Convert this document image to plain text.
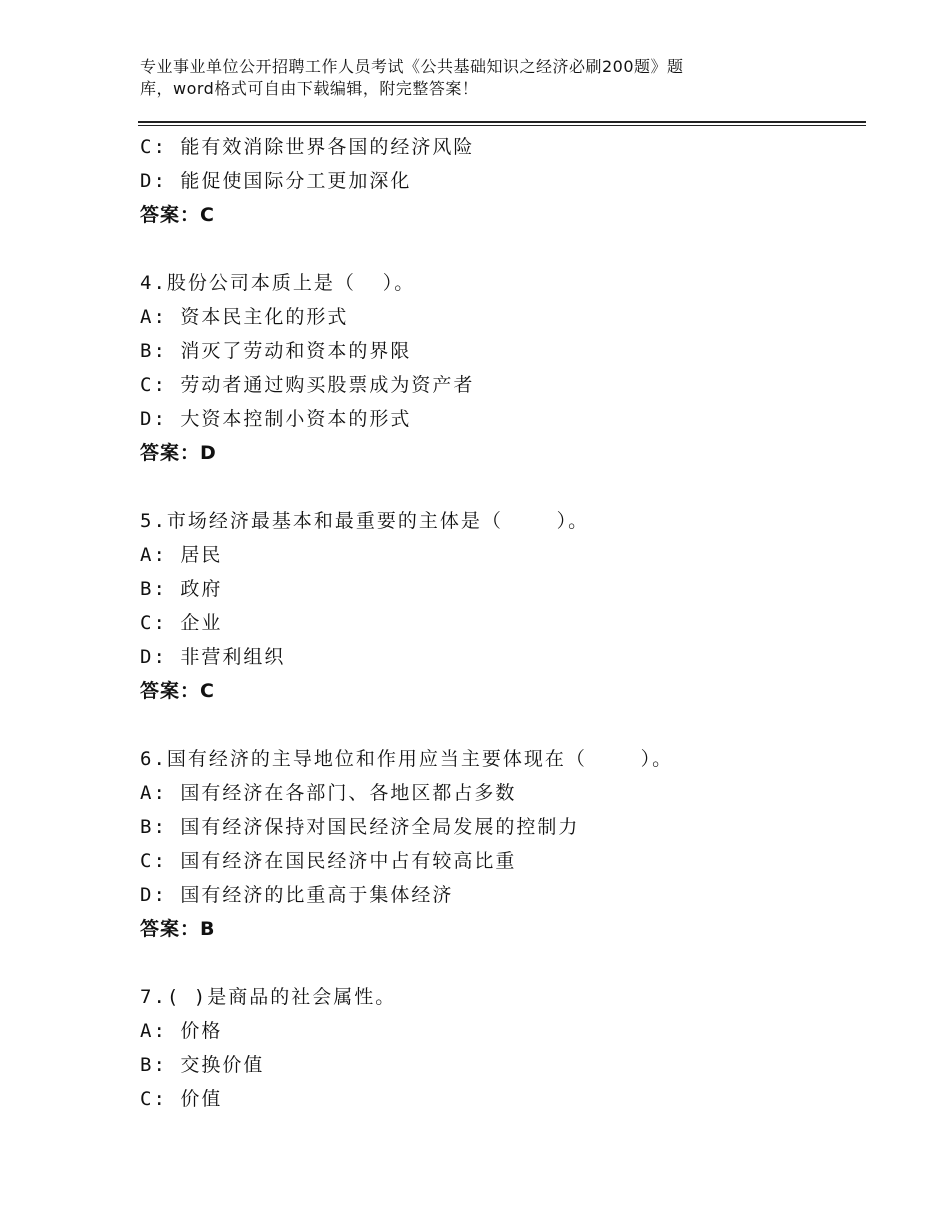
专业事业单位公开招聘工作人员考试《公共基础知识之经济必刷200题》题
库，word格式可自由下载编辑，附完整答案！
C: 能有效消除世界各国的经济风险
D: 能促使国际分工更加深化
答案：C
4.股份公司本质上是（  ）。
A: 资本民主化的形式
B: 消灭了劳动和资本的界限
C: 劳动者通过购买股票成为资产者
D: 大资本控制小资本的形式
答案：D
5.市场经济最基本和最重要的主体是（    ）。
A: 居民
B: 政府
C: 企业
D: 非营利组织
答案：C
6.国有经济的主导地位和作用应当主要体现在（    ）。
A: 国有经济在各部门、各地区都占多数
B: 国有经济保持对国民经济全局发展的控制力
C: 国有经济在国民经济中占有较高比重
D: 国有经济的比重高于集体经济
答案：B
7.( )是商品的社会属性。
A: 价格
B: 交换价值
C: 价值
